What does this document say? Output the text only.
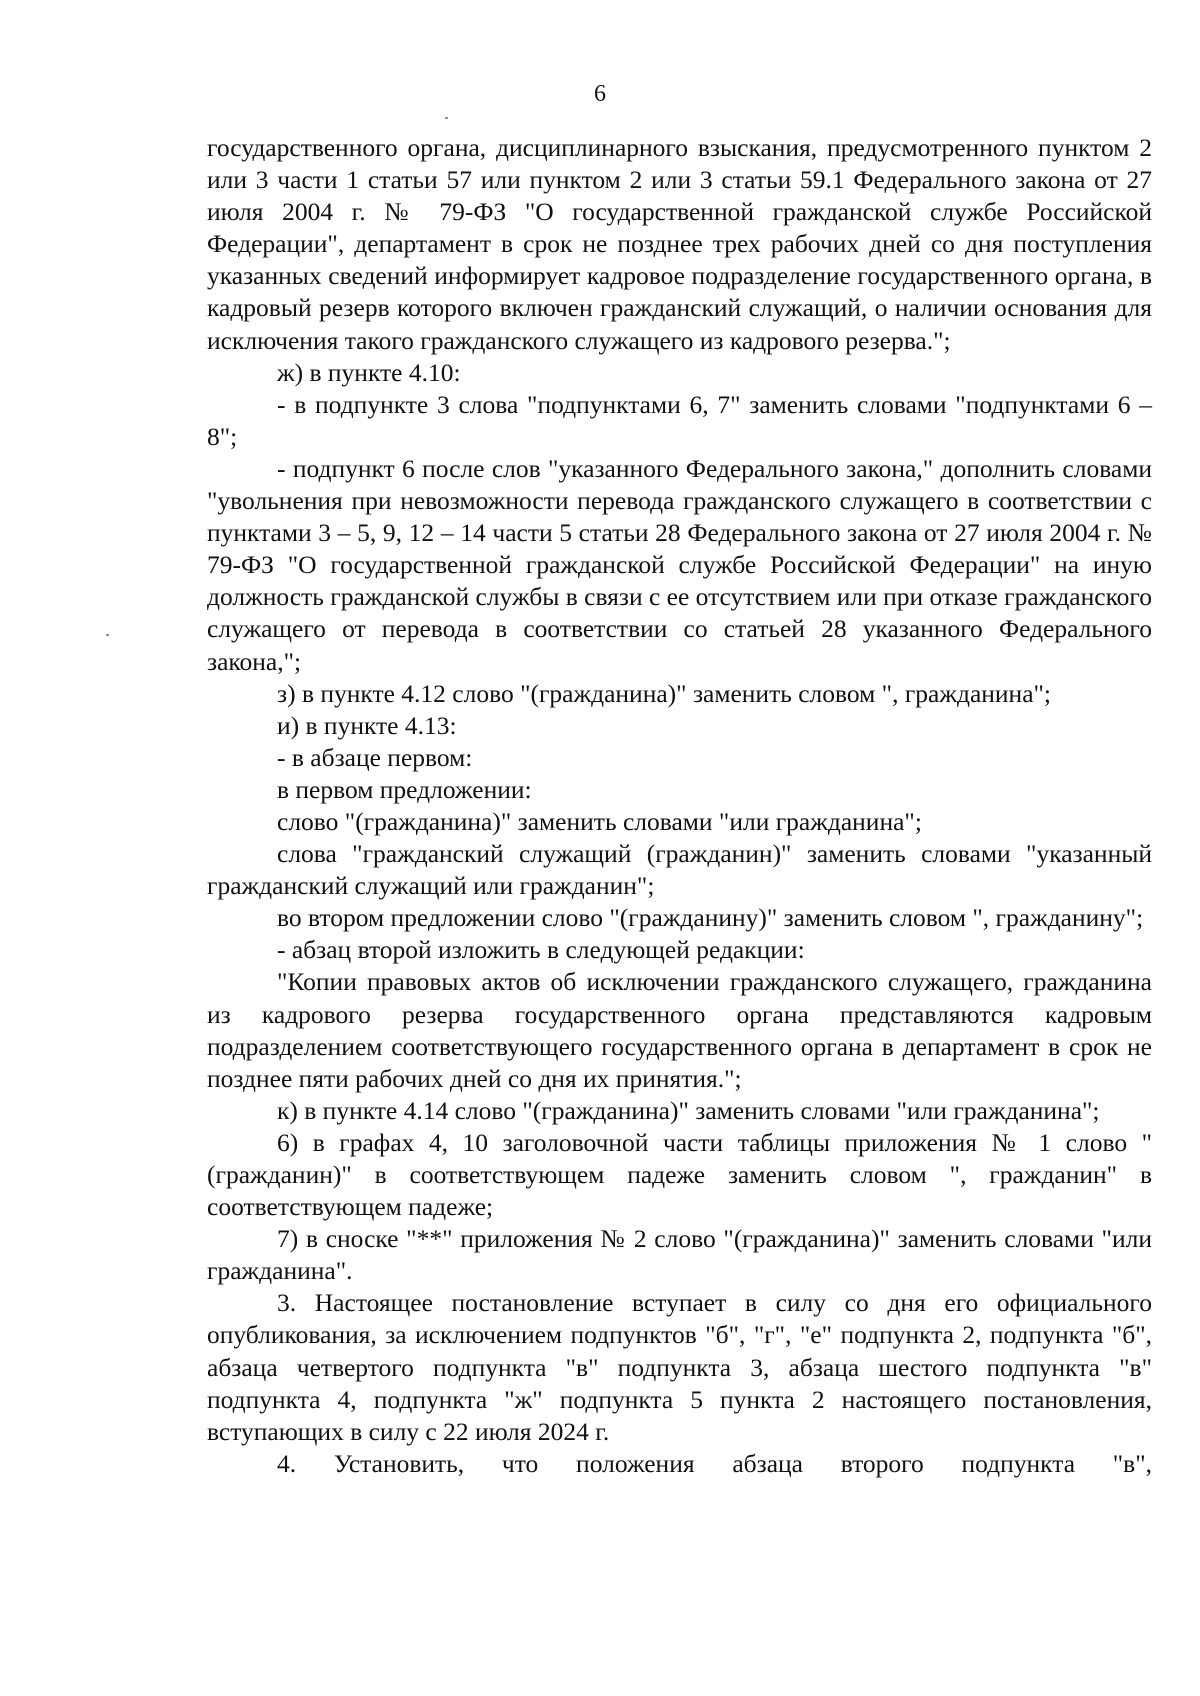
6

государственного органа, дисциплинарного взыскания, предусмотренного пунктом 2 или 3 части 1 статьи 57 или пунктом 2 или 3 статьи 59.1 Федерального закона от 27 июля 2004 г. № 79-ФЗ "О государственной гражданской службе Российской Федерации", департамент в срок не позднее трех рабочих дней со дня поступления указанных сведений информирует кадровое подразделение государственного органа, в кадровый резерв которого включен гражданский служащий, о наличии основания для исключения такого гражданского служащего из кадрового резерва.";

ж) в пункте 4.10:

- в подпункте 3 слова "подпунктами 6, 7" заменить словами "подпунктами 6 – 8";

- подпункт 6 после слов "указанного Федерального закона," дополнить словами "увольнения при невозможности перевода гражданского служащего в соответствии с пунктами 3 – 5, 9, 12 – 14 части 5 статьи 28 Федерального закона от 27 июля 2004 г. № 79-ФЗ "О государственной гражданской службе Российской Федерации" на иную должность гражданской службы в связи с ее отсутствием или при отказе гражданского служащего от перевода в соответствии со статьей 28 указанного Федерального закона,";

з) в пункте 4.12 слово "(гражданина)" заменить словом ", гражданина";

и) в пункте 4.13:

- в абзаце первом:

в первом предложении:

слово "(гражданина)" заменить словами "или гражданина";

слова "гражданский служащий (гражданин)" заменить словами "указанный гражданский служащий или гражданин";

во втором предложении слово "(гражданину)" заменить словом ", гражданину";

- абзац второй изложить в следующей редакции:

"Копии правовых актов об исключении гражданского служащего, гражданина из кадрового резерва государственного органа представляются кадровым подразделением соответствующего государственного органа в департамент в срок не позднее пяти рабочих дней со дня их принятия.";

к) в пункте 4.14 слово "(гражданина)" заменить словами "или гражданина";

6) в графах 4, 10 заголовочной части таблицы приложения № 1 слово "(гражданин)" в соответствующем падеже заменить словом ", гражданин" в соответствующем падеже;

7) в сноске "**" приложения № 2 слово "(гражданина)" заменить словами "или гражданина".

3. Настоящее постановление вступает в силу со дня его официального опубликования, за исключением подпунктов "б", "г", "е" подпункта 2, подпункта "б", абзаца четвертого подпункта "в" подпункта 3, абзаца шестого подпункта "в" подпункта 4, подпункта "ж" подпункта 5 пункта 2 настоящего постановления, вступающих в силу с 22 июля 2024 г.

4. Установить, что положения абзаца второго подпункта "в",
